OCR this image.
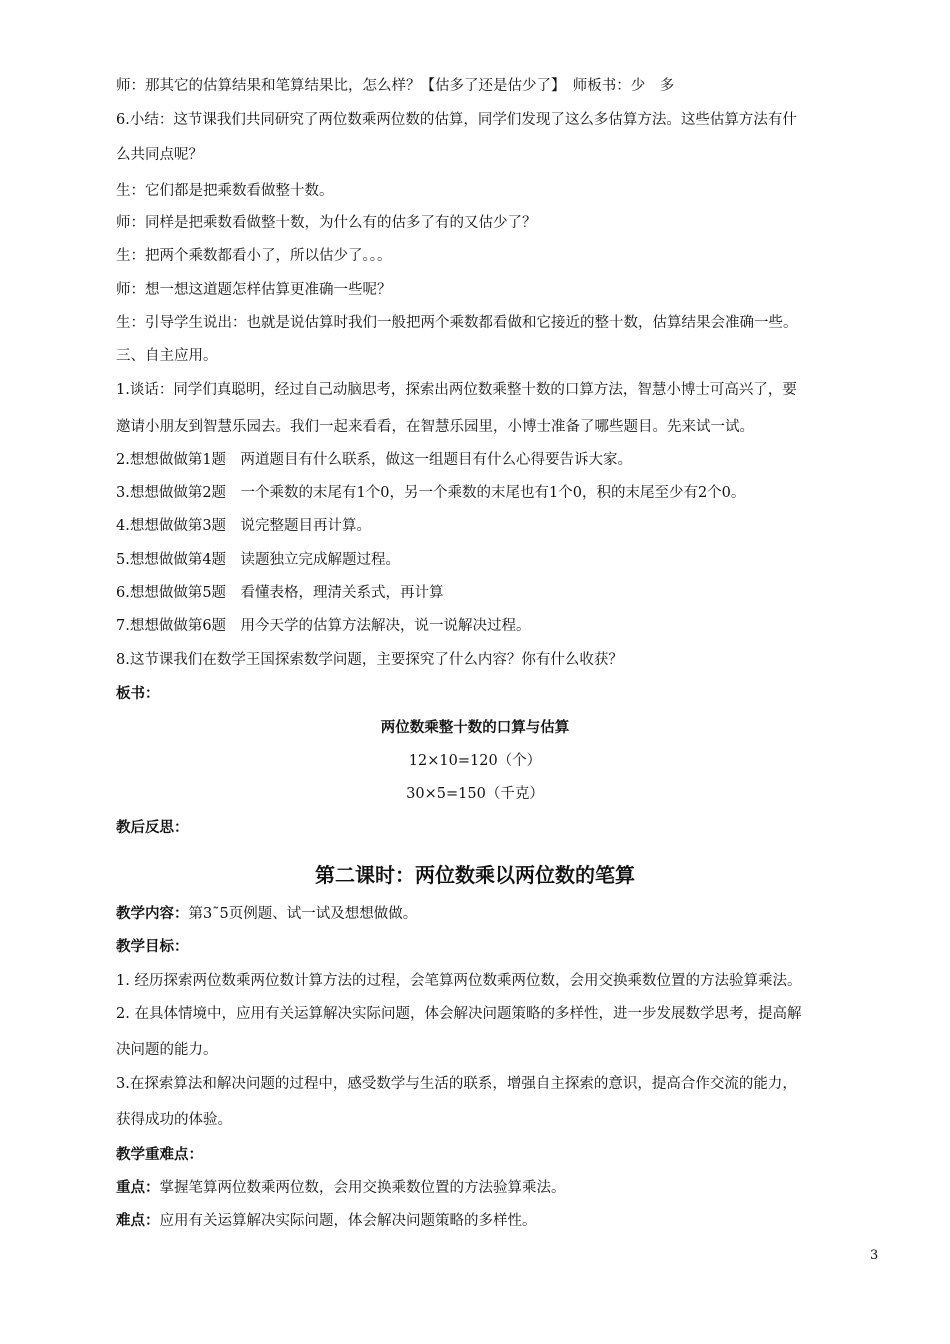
师：那其它的估算结果和笔算结果比，怎么样？【估多了还是估少了】　师板书：少　多
6.小结：这节课我们共同研究了两位数乘两位数的估算，同学们发现了这么多估算方法。这些估算方法有什
么共同点呢？
生：它们都是把乘数看做整十数。
师：同样是把乘数看做整十数，为什么有的估多了有的又估少了？
生：把两个乘数都看小了，所以估少了。。。
师：想一想这道题怎样估算更准确一些呢？
生：引导学生说出：也就是说估算时我们一般把两个乘数都看做和它接近的整十数，估算结果会准确一些。
三、自主应用。
1.谈话：同学们真聪明，经过自己动脑思考，探索出两位数乘整十数的口算方法，智慧小博士可高兴了，要
邀请小朋友到智慧乐园去。我们一起来看看，在智慧乐园里，小博士准备了哪些题目。先来试一试。
2.想想做做第1题　两道题目有什么联系，做这一组题目有什么心得要告诉大家。
3.想想做做第2题　一个乘数的末尾有1个0，另一个乘数的末尾也有1个0，积的末尾至少有2个0。
4.想想做做第3题　说完整题目再计算。
5.想想做做第4题　读题独立完成解题过程。
6.想想做做第5题　看懂表格，理清关系式，再计算
7.想想做做第6题　用今天学的估算方法解决，说一说解决过程。
8.这节课我们在数学王国探索数学问题，主要探究了什么内容？你有什么收获？
板书：
两位数乘整十数的口算与估算
12×10=120（个）
30×5=150（千克）
教后反思：
第二课时：两位数乘以两位数的笔算
教学内容：第3˜5页例题、试一试及想想做做。
教学目标：
1. 经历探索两位数乘两位数计算方法的过程，会笔算两位数乘两位数，会用交换乘数位置的方法验算乘法。
2. 在具体情境中，应用有关运算解决实际问题，体会解决问题策略的多样性，进一步发展数学思考，提高解
决问题的能力。
3.在探索算法和解决问题的过程中，感受数学与生活的联系，增强自主探索的意识，提高合作交流的能力，
获得成功的体验。
教学重难点：
重点：掌握笔算两位数乘两位数，会用交换乘数位置的方法验算乘法。
难点：应用有关运算解决实际问题，体会解决问题策略的多样性。
3
